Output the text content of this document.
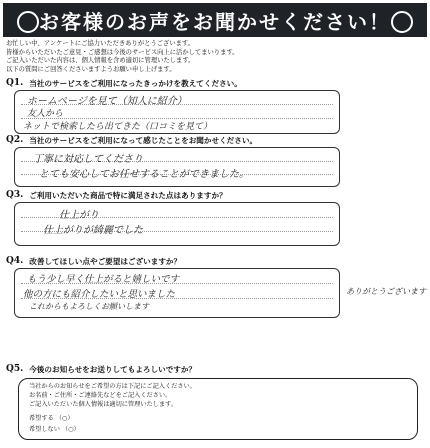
お客様のお声をお聞かせください！
お忙しい中、アンケートにご協力いただきありがとうございます。
皆様からいただいたご意見・ご感想は今後のサービス向上に活かしてまいります。
ご記入いただいた内容は、個人情報を含め適切に管理いたします。
以下の質問にご回答くださいますようお願い申し上げます。
Q1. 当社のサービスをご利用になったきっかけを教えてください。
ホームページを見て（知人に紹介）
友人から
ネットで検索したら出てきた（口コミを見て）
Q2. 当社のサービスをご利用になって感じたことをお聞かせください。
丁寧に対応してくださり
とても安心してお任せすることができました。
Q3. ご利用いただいた商品で特に満足された点はありますか？
仕上がり
仕上がりが綺麗でした
Q4. 改善してほしい点やご要望はございますか？
もう少し早く仕上がると嬉しいです
他の方にも紹介したいと思いました
これからもよろしくお願いします
ありがとうございます
Q5. 今後のお知らせをお送りしてもよろしいですか？
当社からのお知らせをご希望の方は下記にご記入ください。
お名前・ご住所・ご連絡先などをご記入ください。
ご記入いただいた個人情報は適切に管理いたします。
希望する （○）
希望しない （○）
